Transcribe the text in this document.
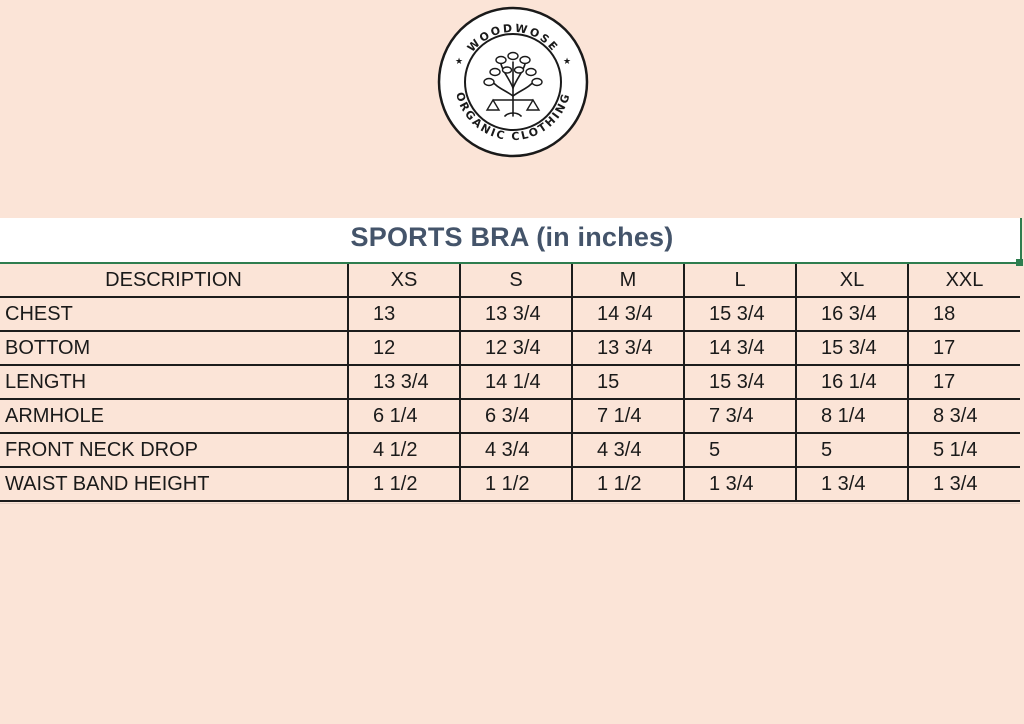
WOODWOSE
ORGANIC CLOTHING
★	★
SPORTS BRA (in inches)
DESCRIPTION	XS	S	M	L	XL	XXL
CHEST	13	13 3/4	14 3/4	15 3/4	16 3/4	18
BOTTOM	12	12 3/4	13 3/4	14 3/4	15 3/4	17
LENGTH	13 3/4	14 1/4	15	15 3/4	16 1/4	17
ARMHOLE	6 1/4	6 3/4	7 1/4	7 3/4	8 1/4	8 3/4
FRONT NECK DROP	4 1/2	4 3/4	4 3/4	5	5	5 1/4
WAIST BAND HEIGHT	1 1/2	1 1/2	1 1/2	1 3/4	1 3/4	1 3/4
